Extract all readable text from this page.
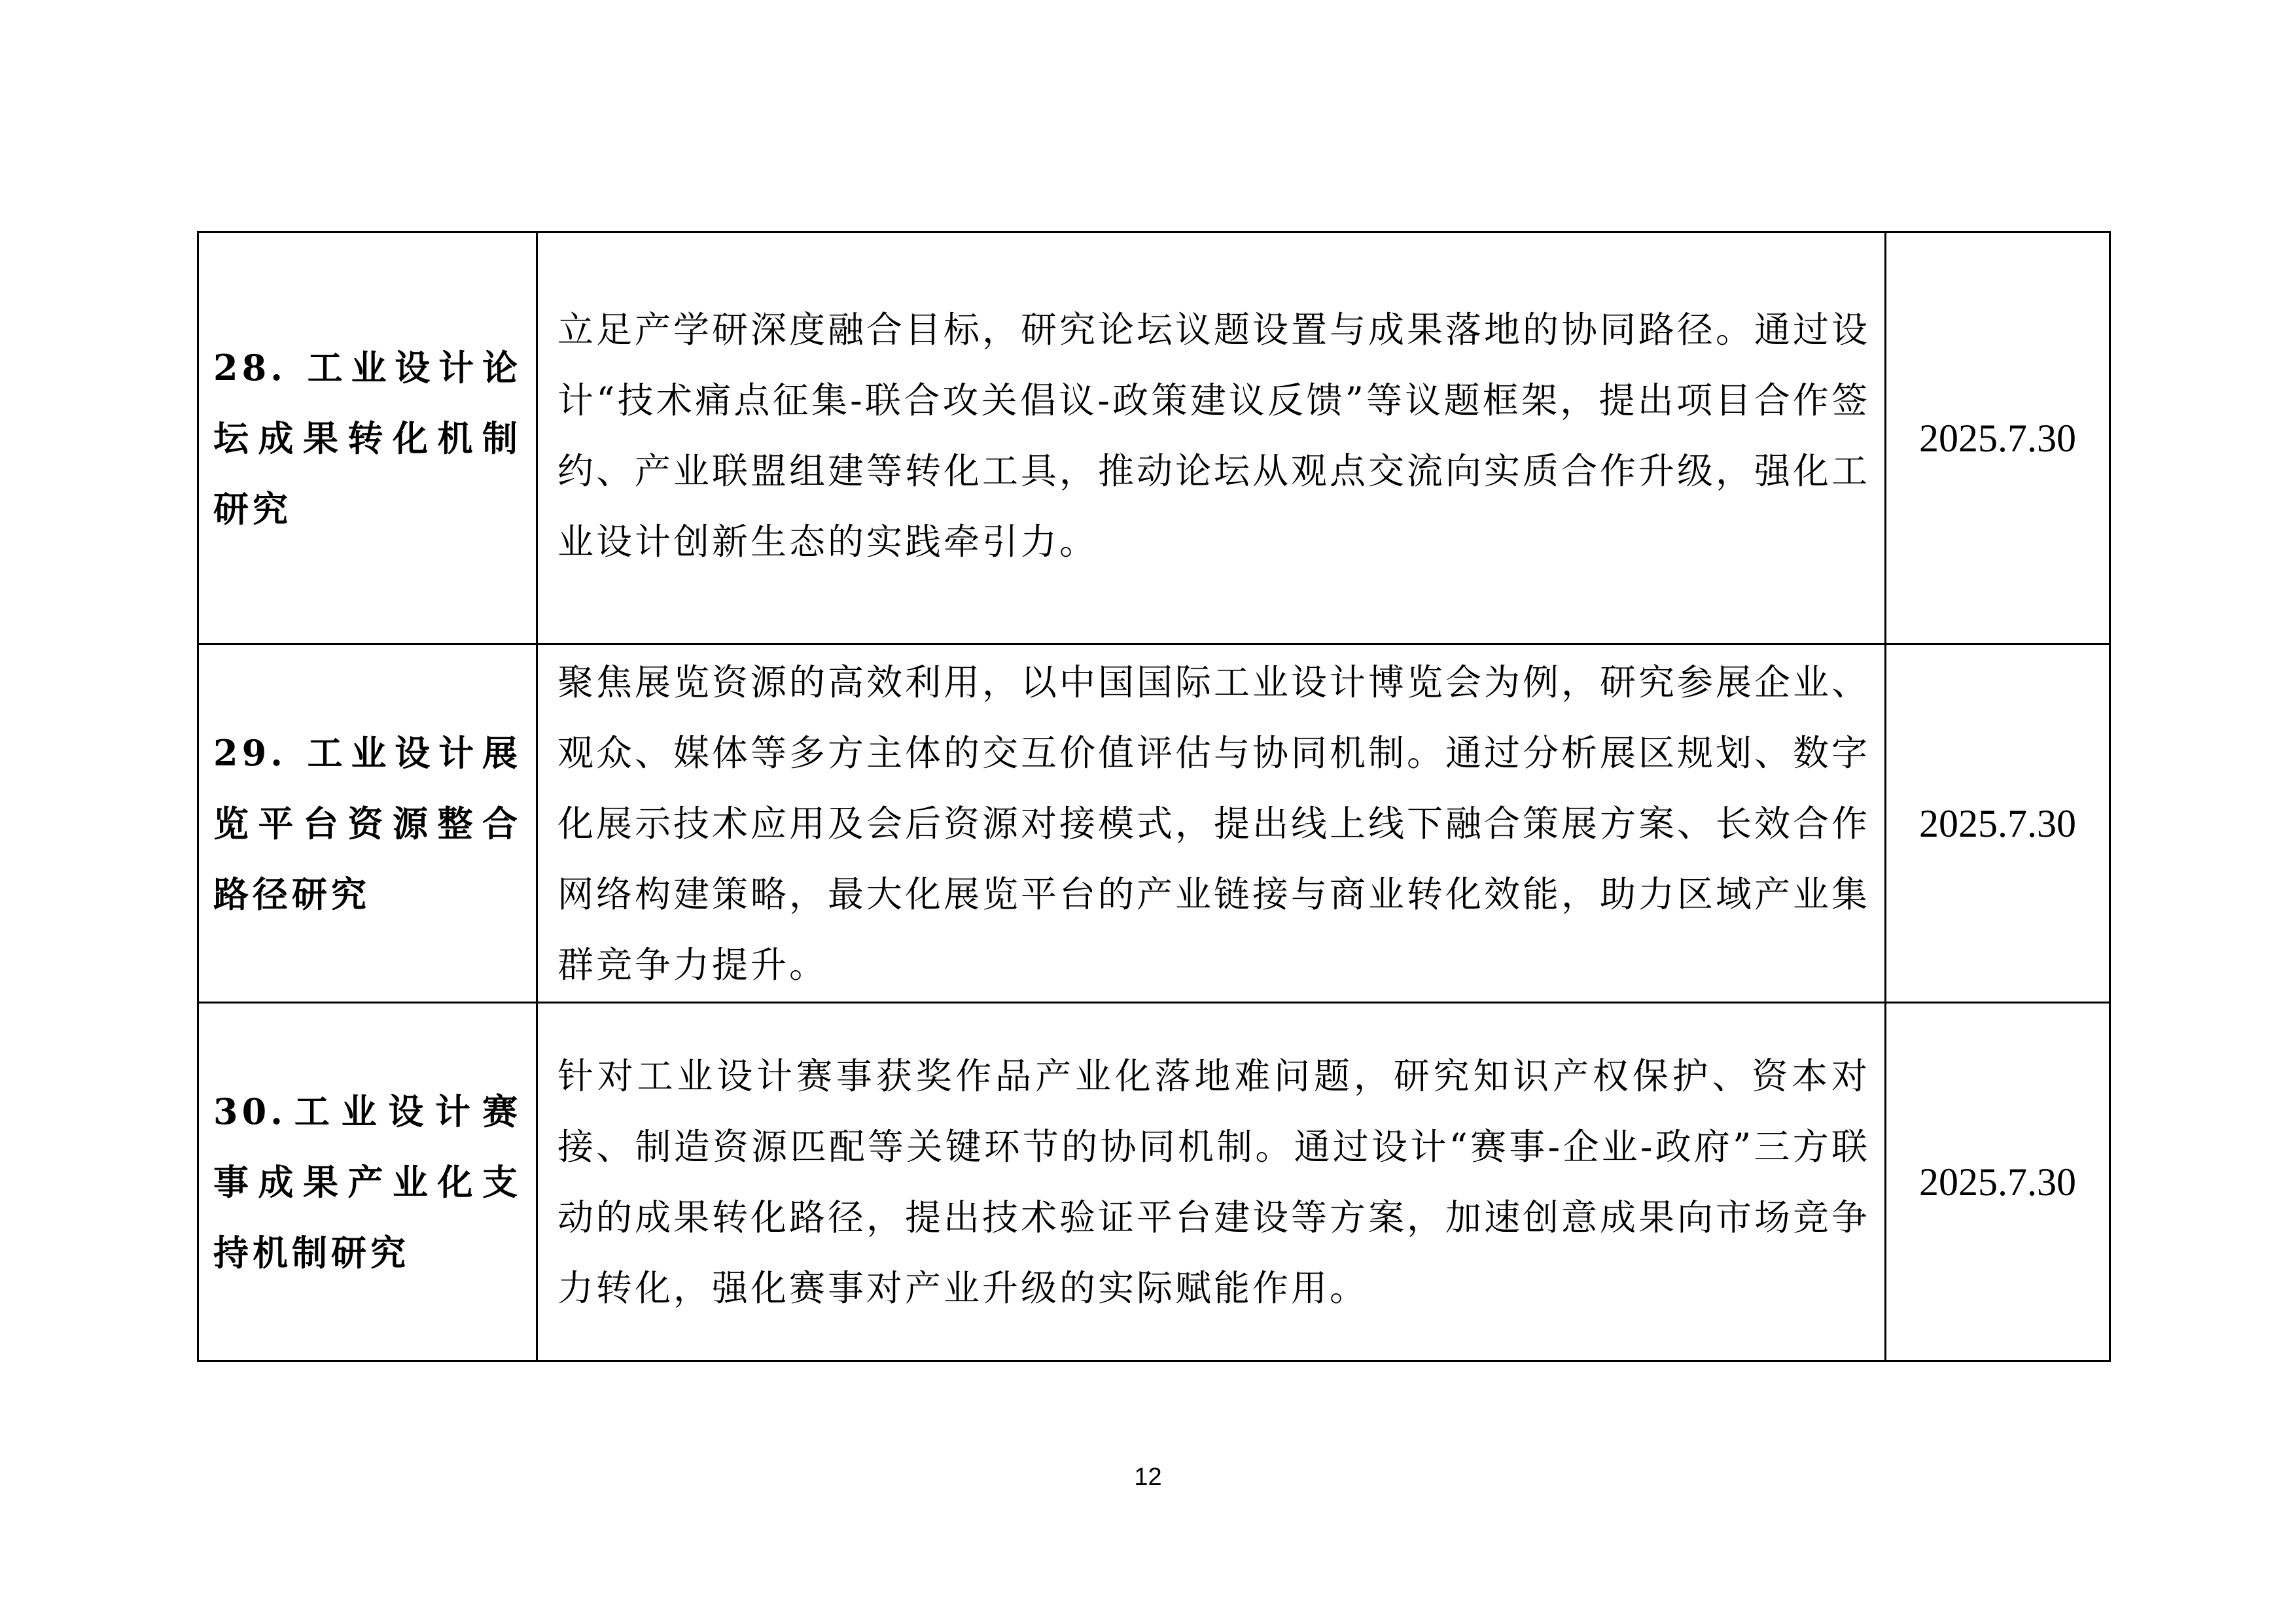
28. 工业设计论坛成果转化机制研究	立足产学研深度融合目标，研究论坛议题设置与成果落地的协同路径。通过设计“技术痛点征集-联合攻关倡议-政策建议反馈”等议题框架，提出项目合作签约、产业联盟组建等转化工具，推动论坛从观点交流向实质合作升级，强化工业设计创新生态的实践牵引力。	2025.7.30

29. 工业设计展览平台资源整合路径研究	聚焦展览资源的高效利用，以中国国际工业设计博览会为例，研究参展企业、观众、媒体等多方主体的交互价值评估与协同机制。通过分析展区规划、数字化展示技术应用及会后资源对接模式，提出线上线下融合策展方案、长效合作网络构建策略，最大化展览平台的产业链接与商业转化效能，助力区域产业集群竞争力提升。	2025.7.30

30.工业设计赛事成果产业化支持机制研究	针对工业设计赛事获奖作品产业化落地难问题，研究知识产权保护、资本对接、制造资源匹配等关键环节的协同机制。通过设计“赛事-企业-政府”三方联动的成果转化路径，提出技术验证平台建设等方案，加速创意成果向市场竞争力转化，强化赛事对产业升级的实际赋能作用。	2025.7.30
12
